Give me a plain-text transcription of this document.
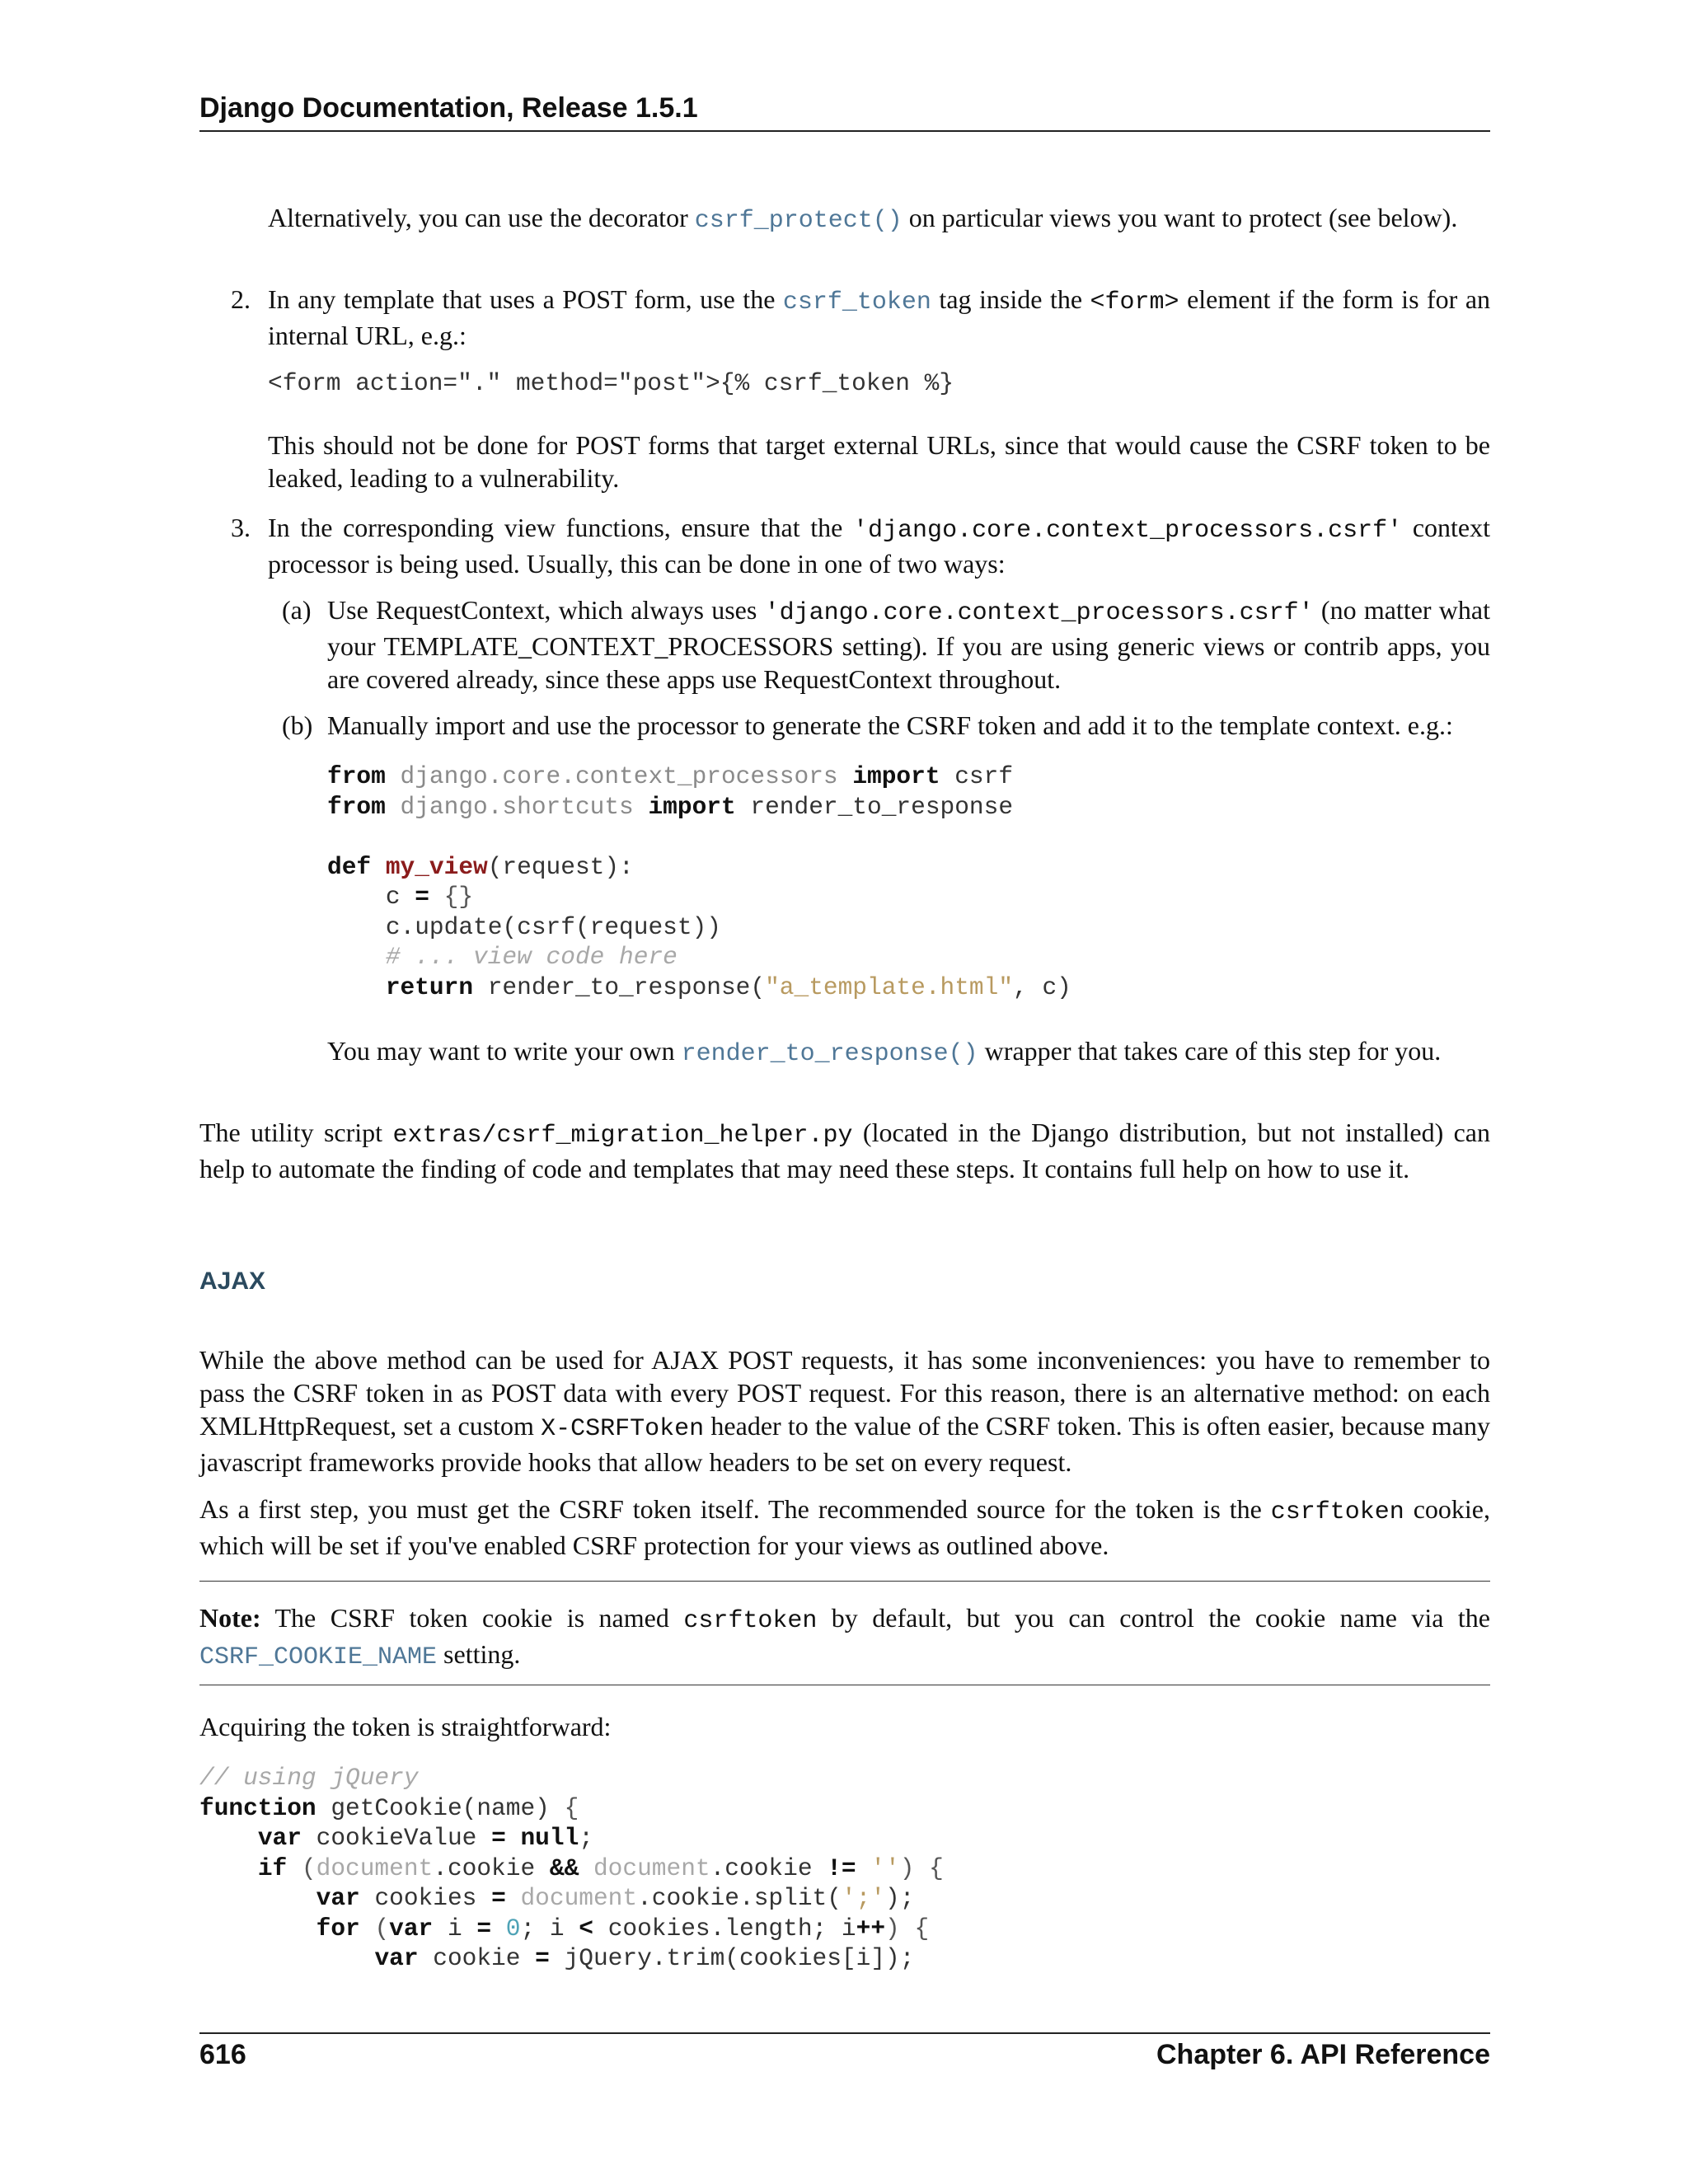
Django Documentation, Release 1.5.1

Alternatively, you can use the decorator csrf_protect() on particular views you want to protect (see below).

2. In any template that uses a POST form, use the csrf_token tag inside the <form> element if the form is for an internal URL, e.g.:

<form action="." method="post">{% csrf_token %}
This should not be done for POST forms that target external URLs, since that would cause the CSRF token to be leaked, leading to a vulnerability.
3. In the corresponding view functions, ensure that the 'django.core.context_processors.csrf' context processor is being used. Usually, this can be done in one of two ways:

(a) Use RequestContext, which always uses 'django.core.context_processors.csrf' (no matter what your TEMPLATE_CONTEXT_PROCESSORS setting). If you are using generic views or contrib apps, you are covered already, since these apps use RequestContext throughout.

(b) Manually import and use the processor to generate the CSRF token and add it to the template context. e.g.:
from django.core.context_processors import csrf
from django.shortcuts import render_to_response

def my_view(request):
c = {}
c.update(csrf(request))
# ... view code here
return render_to_response("a_template.html", c)

You may want to write your own render_to_response() wrapper that takes care of this step for you.

The utility script extras/csrf_migration_helper.py (located in the Django distribution, but not installed) can help to automate the finding of code and templates that may need these steps. It contains full help on how to use it.

AJAX

While the above method can be used for AJAX POST requests, it has some inconveniences: you have to remember to pass the CSRF token in as POST data with every POST request. For this reason, there is an alternative method: on each XMLHttpRequest, set a custom X-CSRFToken header to the value of the CSRF token. This is often easier, because many javascript frameworks provide hooks that allow headers to be set on every request.

As a first step, you must get the CSRF token itself. The recommended source for the token is the csrftoken cookie, which will be set if you've enabled CSRF protection for your views as outlined above.

Note: The CSRF token cookie is named csrftoken by default, but you can control the cookie name via the CSRF_COOKIE_NAME setting.

Acquiring the token is straightforward:
// using jQuery
function getCookie(name) {
var cookieValue = null;
if (document.cookie && document.cookie != '') {
var cookies = document.cookie.split(';');
for (var i = 0; i < cookies.length; i++) {
var cookie = jQuery.trim(cookies[i]);
616	Chapter 6. API Reference
